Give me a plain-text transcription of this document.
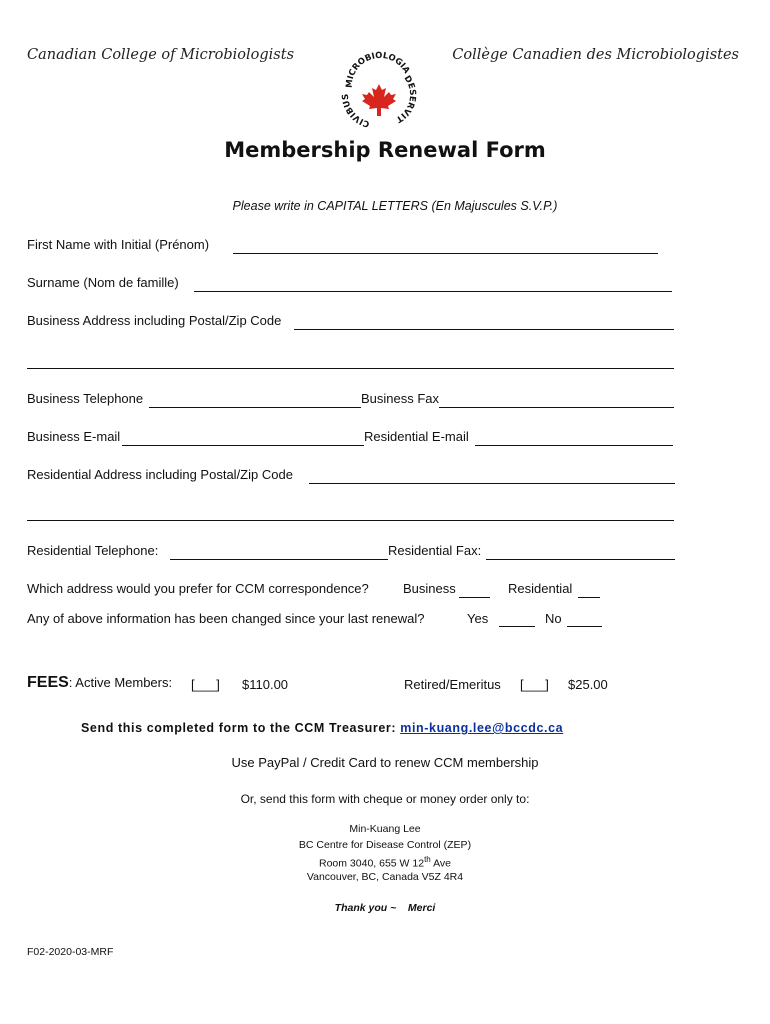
Canadian College of Microbiologists	Collège Canadien des Microbiologistes
MICROBIOLOGIA
DESERVIT
CIVIBUS
Membership Renewal Form
Please write in CAPITAL LETTERS (En Majuscules S.V.P.)
First Name with Initial (Prénom)
Surname (Nom de famille)
Business Address including Postal/Zip Code
Business Telephone	Business Fax
Business E-mail	Residential E-mail
Residential Address including Postal/Zip Code
Residential Telephone:	Residential Fax:
Which address would you prefer for CCM correspondence?	Business	Residential
Any of above information has been changed since your last renewal?	Yes	No
FEES: Active Members: [___] $110.00	Retired/Emeritus [___] $25.00
Send this completed form to the CCM Treasurer: min-kuang.lee@bccdc.ca
Use PayPal / Credit Card to renew CCM membership
Or, send this form with cheque or money order only to:
Min-Kuang Lee
BC Centre for Disease Control (ZEP)
Room 3040, 655 W 12th Ave
Vancouver, BC, Canada V5Z 4R4
Thank you ~    Merci
F02-2020-03-MRF
